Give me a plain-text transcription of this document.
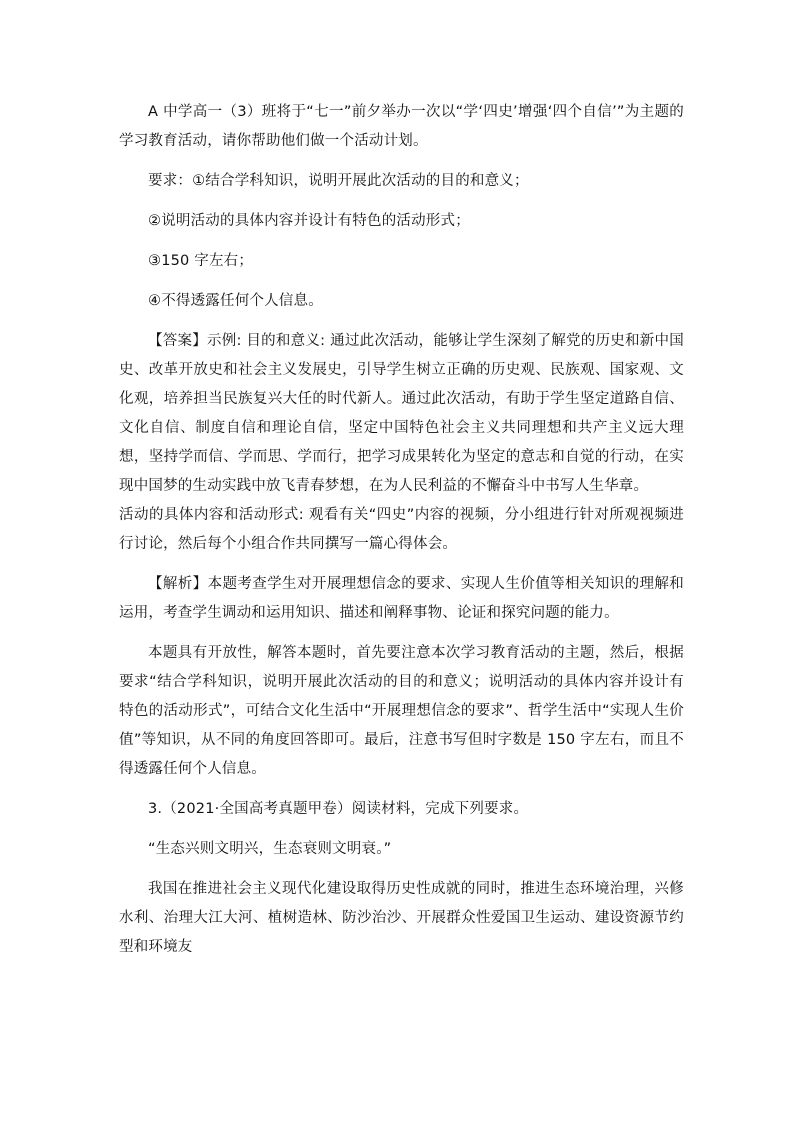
A 中学高一（3）班将于“七一”前夕举办一次以“学‘四史’增强‘四个自信’”为主题的学习教育活动，请你帮助他们做一个活动计划。

要求：①结合学科知识，说明开展此次活动的目的和意义；

②说明活动的具体内容并设计有特色的活动形式；

③150 字左右；

④不得透露任何个人信息。

【答案】示例: 目的和意义: 通过此次活动，能够让学生深刻了解党的历史和新中国史、改革开放史和社会主义发展史，引导学生树立正确的历史观、民族观、国家观、文化观，培养担当民族复兴大任的时代新人。通过此次活动，有助于学生坚定道路自信、文化自信、制度自信和理论自信，坚定中国特色社会主义共同理想和共产主义远大理想，坚持学而信、学而思、学而行，把学习成果转化为坚定的意志和自觉的行动，在实现中国梦的生动实践中放飞青春梦想，在为人民利益的不懈奋斗中书写人生华章。

活动的具体内容和活动形式: 观看有关“四史”内容的视频，分小组进行针对所观视频进行讨论，然后每个小组合作共同撰写一篇心得体会。

【解析】本题考查学生对开展理想信念的要求、实现人生价值等相关知识的理解和运用，考查学生调动和运用知识、描述和阐释事物、论证和探究问题的能力。

本题具有开放性，解答本题时，首先要注意本次学习教育活动的主题，然后，根据要求“结合学科知识，说明开展此次活动的目的和意义；说明活动的具体内容并设计有特色的活动形式”，可结合文化生活中“开展理想信念的要求”、哲学生活中“实现人生价值”等知识，从不同的角度回答即可。最后，注意书写但时字数是 150 字左右，而且不得透露任何个人信息。

3.（2021·全国高考真题甲卷）阅读材料，完成下列要求。

“生态兴则文明兴，生态衰则文明衰。”

我国在推进社会主义现代化建设取得历史性成就的同时，推进生态环境治理，兴修水利、治理大江大河、植树造林、防沙治沙、开展群众性爱国卫生运动、建设资源节约型和环境友
